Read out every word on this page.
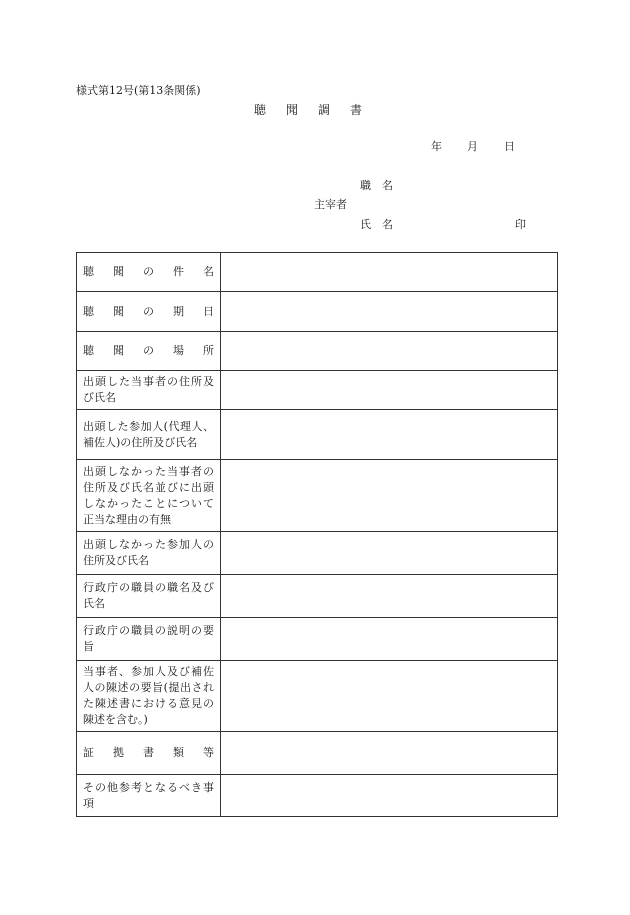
様式第12号(第13条関係)
聴聞調書
年 月 日
職　名
主宰者
氏　名	印
聴聞の件名	

聴聞の期日	

聴聞の場所	

出頭した当事者の住所及び氏名	

出頭した参加人(代理人、補佐人)の住所及び氏名	

出頭しなかった当事者の住所及び氏名並びに出頭しなかったことについて正当な理由の有無	

出頭しなかった参加人の住所及び氏名	

行政庁の職員の職名及び氏名	

行政庁の職員の説明の要旨	

当事者、参加人及び補佐人の陳述の要旨(提出された陳述書における意見の陳述を含む。)	

証拠書類等	

その他参考となるべき事項	
